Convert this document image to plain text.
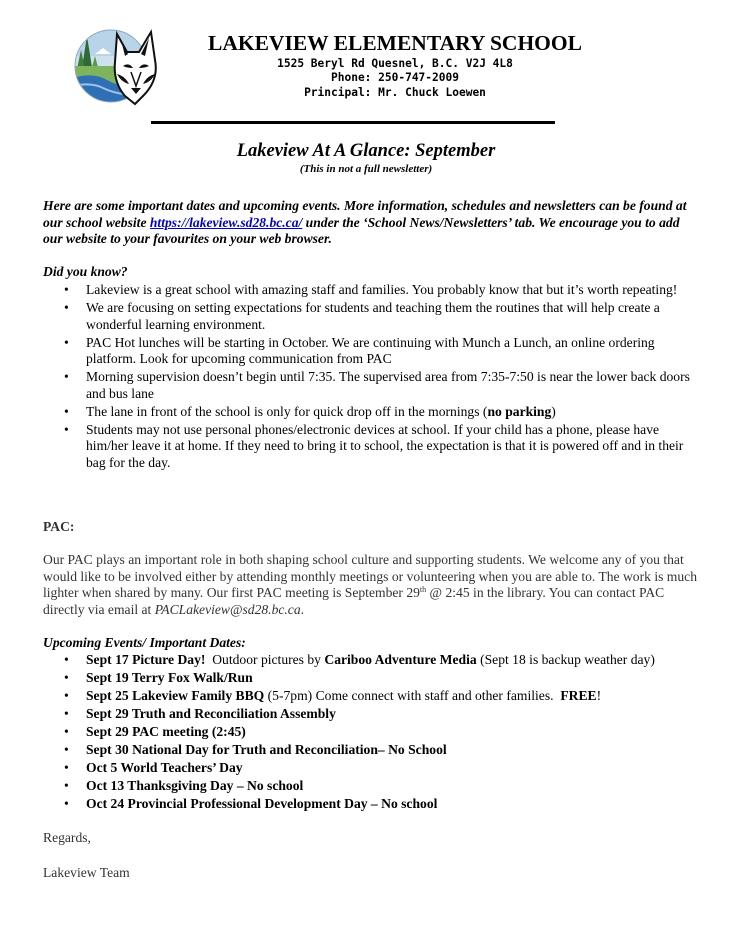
LAKEVIEW ELEMENTARY SCHOOL
1525 Beryl Rd Quesnel, B.C. V2J 4L8
Phone: 250-747-2009
Principal: Mr. Chuck Loewen
Lakeview At A Glance: September
(This in not a full newsletter)
Here are some important dates and upcoming events. More information, schedules and newsletters can be found at our school website https://lakeview.sd28.bc.ca/ under the ‘School News/Newsletters’ tab. We encourage you to add our website to your favourites on your web browser.
Did you know?
• Lakeview is a great school with amazing staff and families. You probably know that but it’s worth repeating!
• We are focusing on setting expectations for students and teaching them the routines that will help create a wonderful learning environment.
• PAC Hot lunches will be starting in October. We are continuing with Munch a Lunch, an online ordering platform. Look for upcoming communication from PAC
• Morning supervision doesn’t begin until 7:35. The supervised area from 7:35-7:50 is near the lower back doors and bus lane
• The lane in front of the school is only for quick drop off in the mornings (no parking)
• Students may not use personal phones/electronic devices at school. If your child has a phone, please have him/her leave it at home. If they need to bring it to school, the expectation is that it is powered off and in their bag for the day.
PAC:
Our PAC plays an important role in both shaping school culture and supporting students. We welcome any of you that would like to be involved either by attending monthly meetings or volunteering when you are able to. The work is much lighter when shared by many. Our first PAC meeting is September 29th @ 2:45 in the library. You can contact PAC directly via email at PACLakeview@sd28.bc.ca.
Upcoming Events/ Important Dates:
• Sept 17 Picture Day!  Outdoor pictures by Cariboo Adventure Media (Sept 18 is backup weather day)
• Sept 19 Terry Fox Walk/Run
• Sept 25 Lakeview Family BBQ (5-7pm) Come connect with staff and other families.  FREE!
• Sept 29 Truth and Reconciliation Assembly
• Sept 29 PAC meeting (2:45)
• Sept 30 National Day for Truth and Reconciliation– No School
• Oct 5 World Teachers’ Day
• Oct 13 Thanksgiving Day – No school
• Oct 24 Provincial Professional Development Day – No school
Regards,
Lakeview Team
